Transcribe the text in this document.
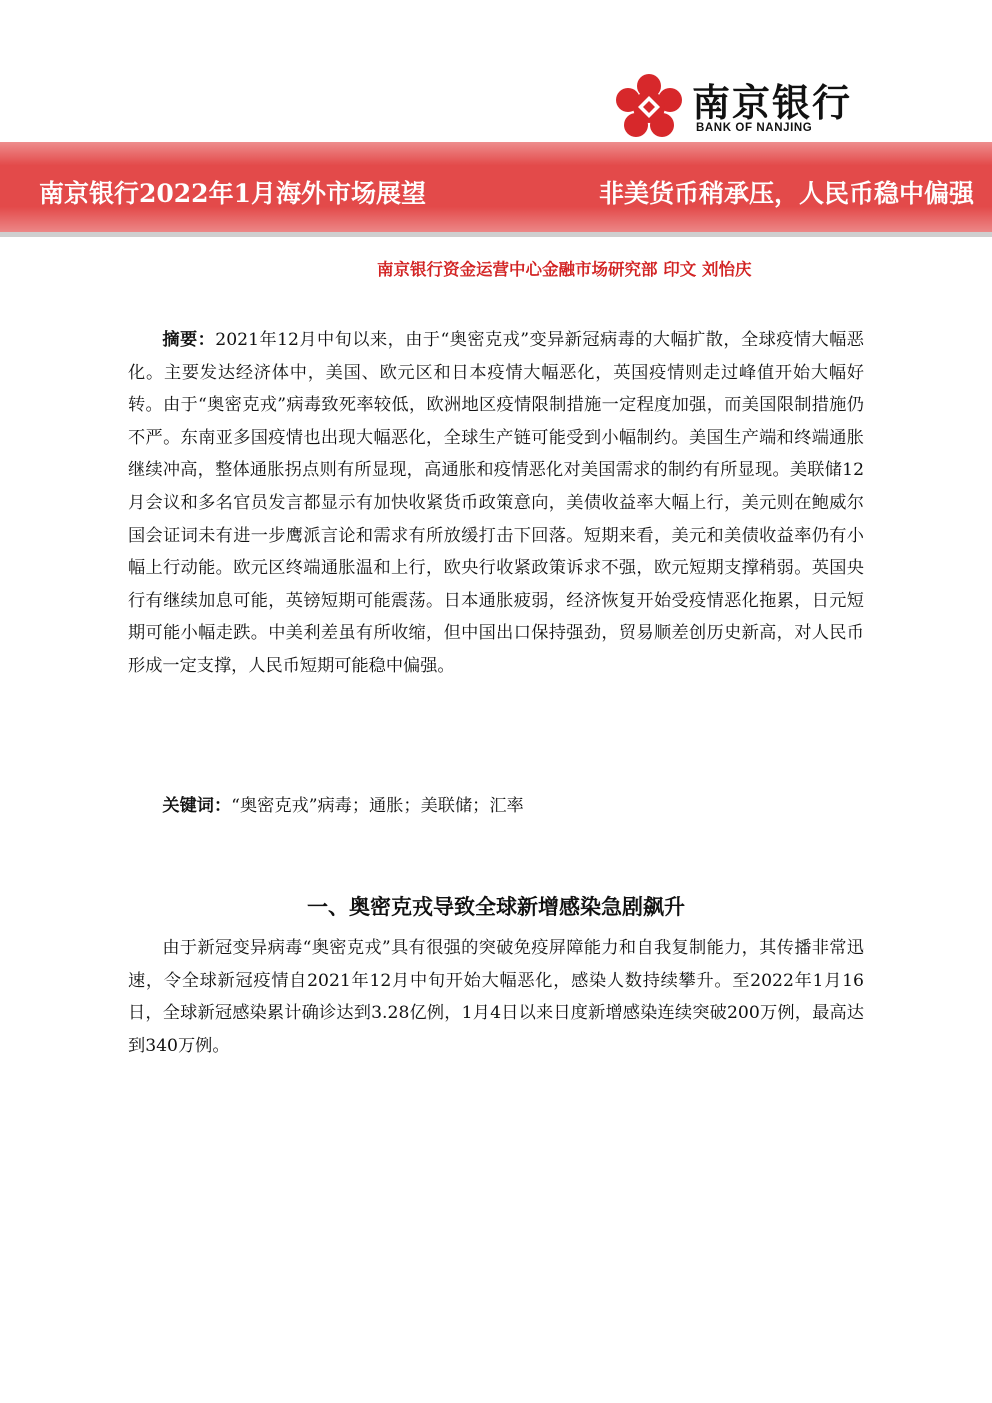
南京银行
BANK OF NANJING
南京银行2022年1月海外市场展望	非美货币稍承压，人民币稳中偏强
南京银行资金运营中心金融市场研究部 印文 刘怡庆

摘要：2021年12月中旬以来，由于“奥密克戎”变异新冠病毒的大幅扩散，全球疫情大幅恶化。主要发达经济体中，美国、欧元区和日本疫情大幅恶化，英国疫情则走过峰值开始大幅好转。由于“奥密克戎”病毒致死率较低，欧洲地区疫情限制措施一定程度加强，而美国限制措施仍不严。东南亚多国疫情也出现大幅恶化，全球生产链可能受到小幅制约。美国生产端和终端通胀继续冲高，整体通胀拐点则有所显现，高通胀和疫情恶化对美国需求的制约有所显现。美联储12月会议和多名官员发言都显示有加快收紧货币政策意向，美债收益率大幅上行，美元则在鲍威尔国会证词未有进一步鹰派言论和需求有所放缓打击下回落。短期来看，美元和美债收益率仍有小幅上行动能。欧元区终端通胀温和上行，欧央行收紧政策诉求不强，欧元短期支撑稍弱。英国央行有继续加息可能，英镑短期可能震荡。日本通胀疲弱，经济恢复开始受疫情恶化拖累，日元短期可能小幅走跌。中美利差虽有所收缩，但中国出口保持强劲，贸易顺差创历史新高，对人民币形成一定支撑，人民币短期可能稳中偏强。

关键词：“奥密克戎”病毒；通胀；美联储；汇率

一、奥密克戎导致全球新增感染急剧飙升

由于新冠变异病毒“奥密克戎”具有很强的突破免疫屏障能力和自我复制能力，其传播非常迅速，令全球新冠疫情自2021年12月中旬开始大幅恶化，感染人数持续攀升。至2022年1月16日，全球新冠感染累计确诊达到3.28亿例，1月4日以来日度新增感染连续突破200万例，最高达到340万例。
